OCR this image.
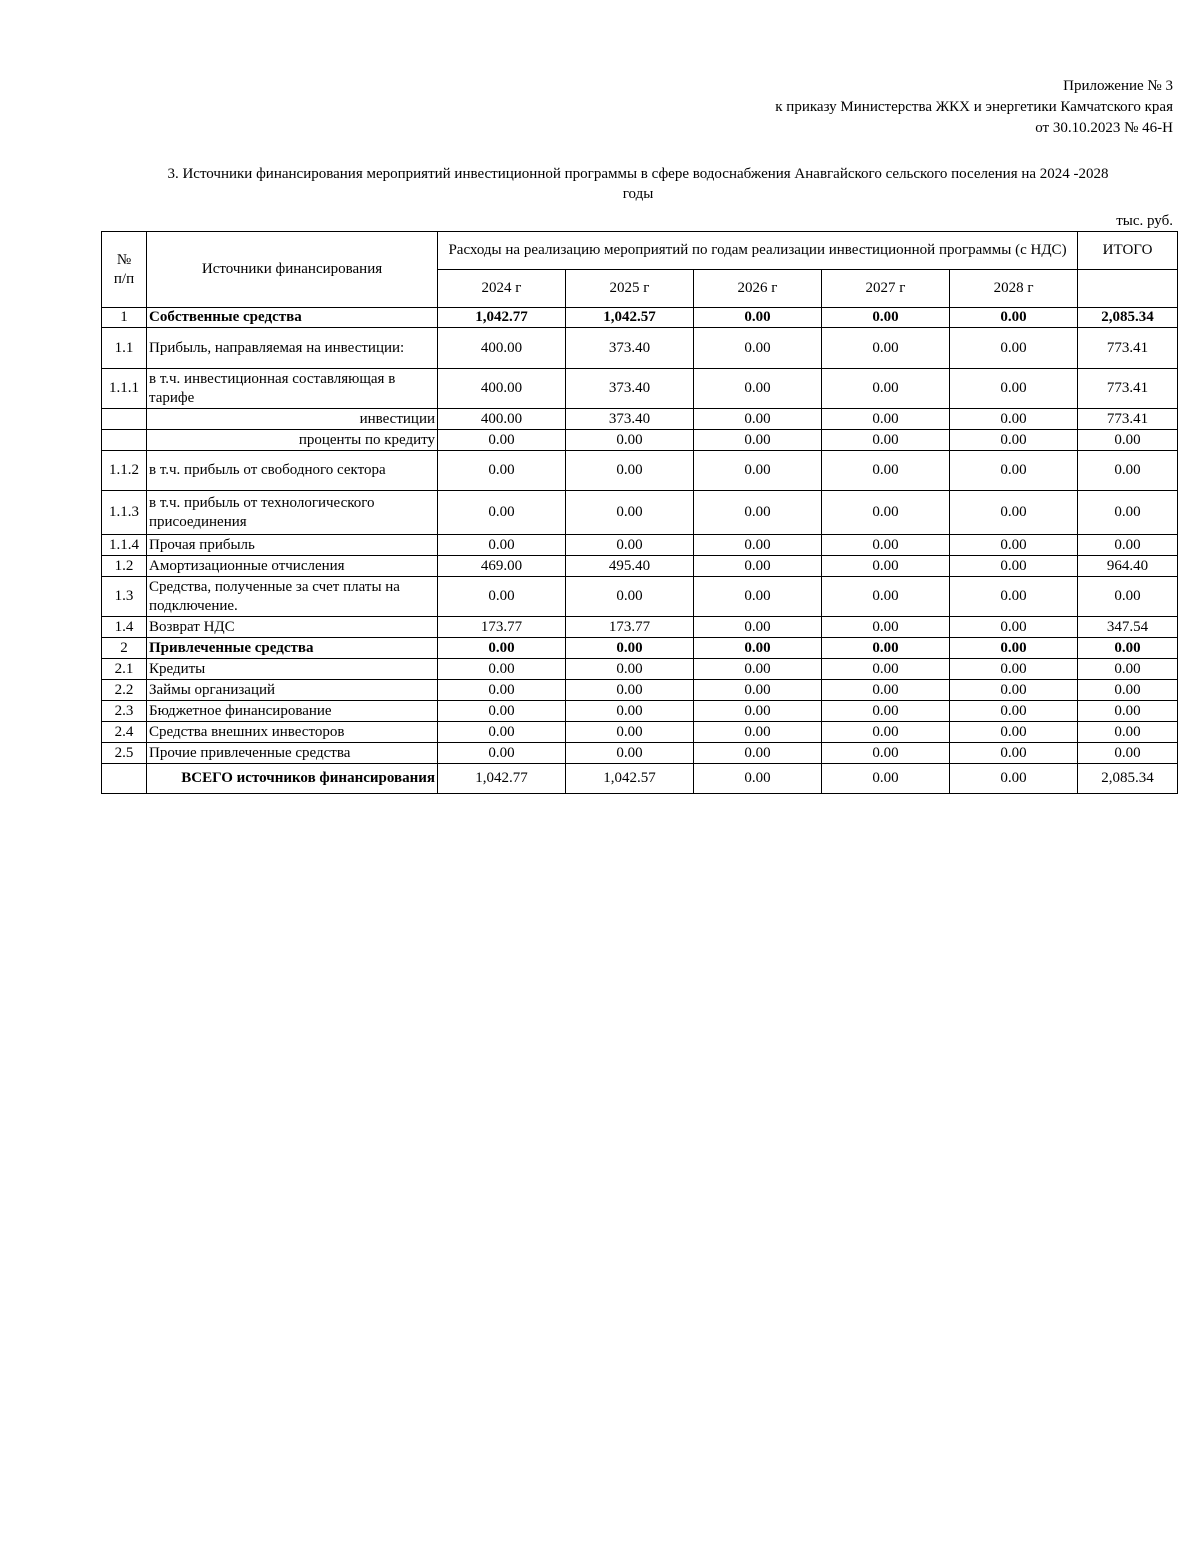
Приложение № 3
к приказу Министерства ЖКХ и энергетики Камчатского края
от 30.10.2023 № 46-Н
3. Источники финансирования мероприятий инвестиционной программы в сфере водоснабжения Анавгайского сельского поселения на 2024 -2028
годы
тыс. руб.
№
п/п	Источники финансирования	Расходы на реализацию мероприятий по годам реализации инвестиционной программы (с НДС)					ИТОГО
		2024 г	2025 г	2026 г	2027 г	2028 г	
1	Собственные средства	1,042.77	1,042.57	0.00	0.00	0.00	2,085.34
1.1	Прибыль, направляемая на инвестиции:	400.00	373.40	0.00	0.00	0.00	773.41
1.1.1	в т.ч. инвестиционная составляющая в тарифе	400.00	373.40	0.00	0.00	0.00	773.41
	инвестиции	400.00	373.40	0.00	0.00	0.00	773.41
	проценты по кредиту	0.00	0.00	0.00	0.00	0.00	0.00
1.1.2	в т.ч. прибыль от свободного сектора	0.00	0.00	0.00	0.00	0.00	0.00
1.1.3	в т.ч. прибыль от технологического присоединения	0.00	0.00	0.00	0.00	0.00	0.00
1.1.4	Прочая прибыль	0.00	0.00	0.00	0.00	0.00	0.00
1.2	Амортизационные отчисления	469.00	495.40	0.00	0.00	0.00	964.40
1.3	Средства, полученные за счет платы на подключение.	0.00	0.00	0.00	0.00	0.00	0.00
1.4	Возврат НДС	173.77	173.77	0.00	0.00	0.00	347.54
2	Привлеченные средства	0.00	0.00	0.00	0.00	0.00	0.00
2.1	Кредиты	0.00	0.00	0.00	0.00	0.00	0.00
2.2	Займы организаций	0.00	0.00	0.00	0.00	0.00	0.00
2.3	Бюджетное финансирование	0.00	0.00	0.00	0.00	0.00	0.00
2.4	Средства внешних инвесторов	0.00	0.00	0.00	0.00	0.00	0.00
2.5	Прочие привлеченные средства	0.00	0.00	0.00	0.00	0.00	0.00
	ВСЕГО источников финансирования	1,042.77	1,042.57	0.00	0.00	0.00	2,085.34
